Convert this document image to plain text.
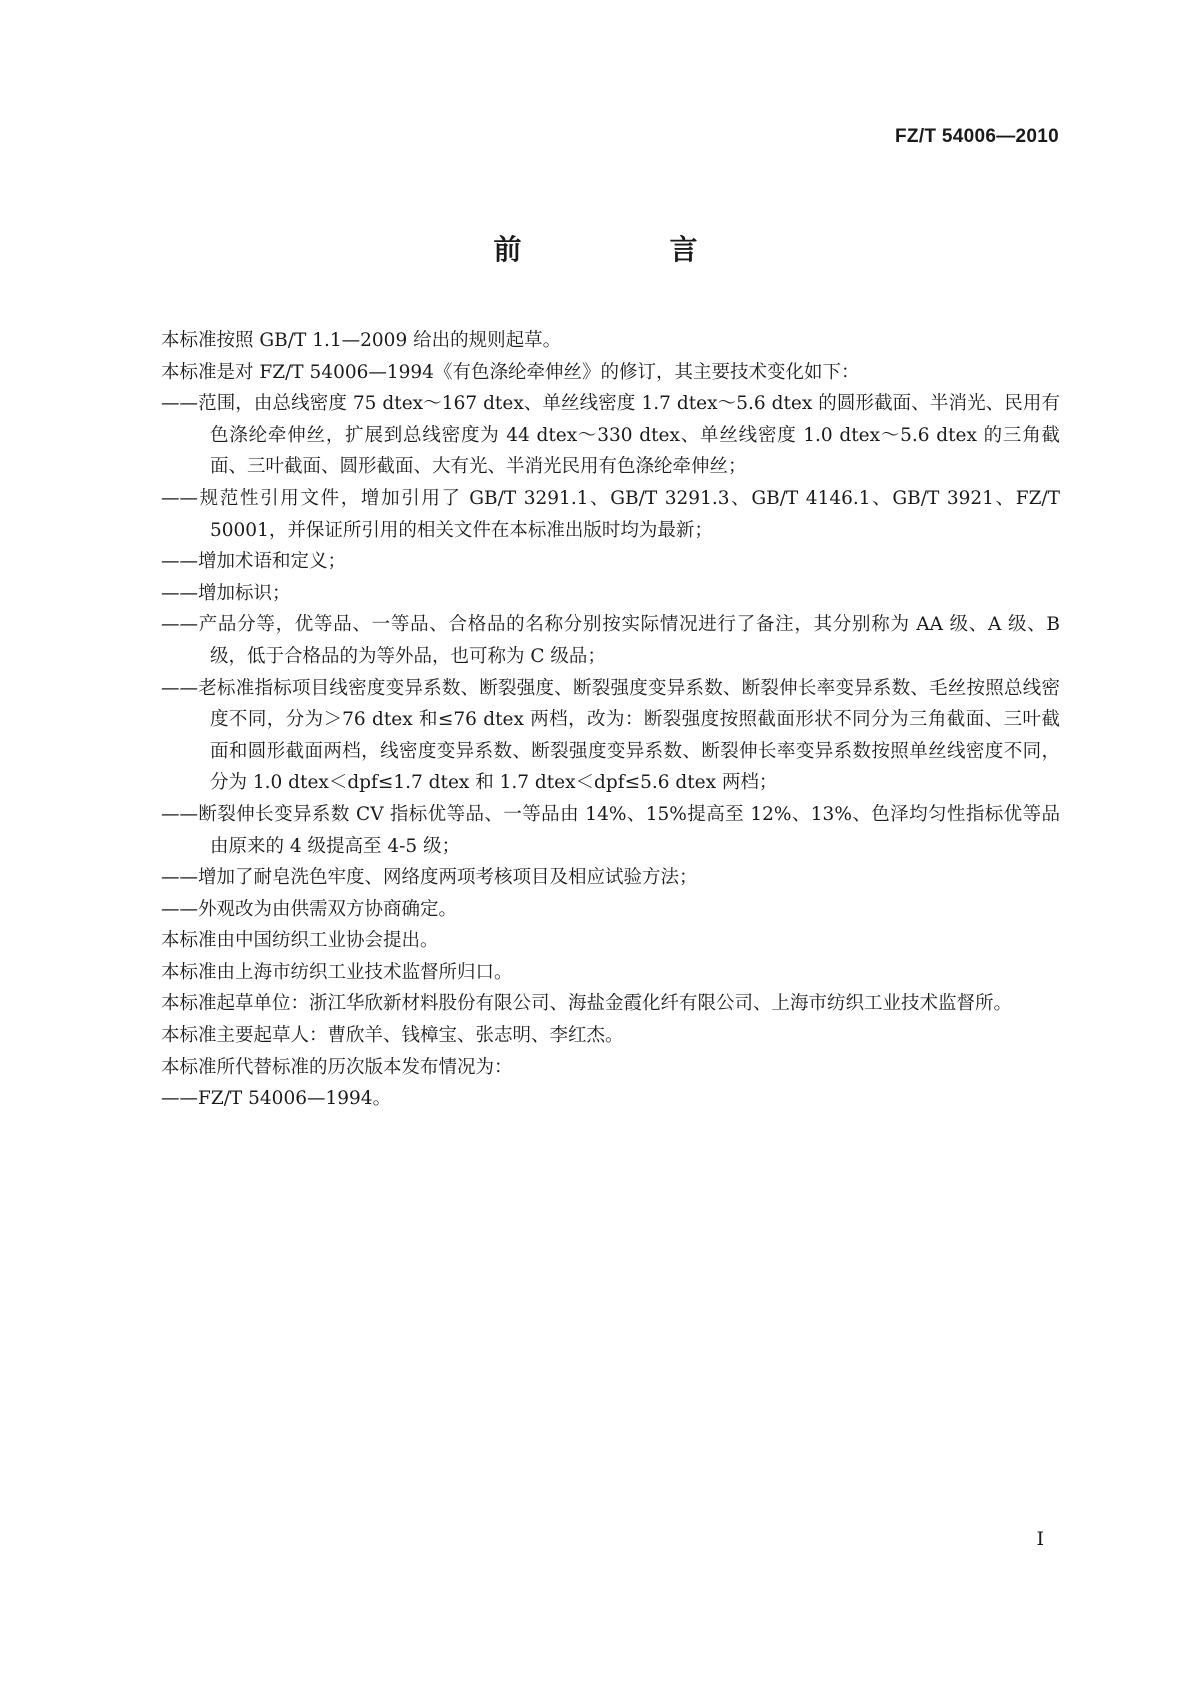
FZ/T 54006—2010
前　言

本标准按照 GB/T 1.1—2009 给出的规则起草。

本标准是对 FZ/T 54006—1994《有色涤纶牵伸丝》的修订，其主要技术变化如下：

——范围，由总线密度 75 dtex～167 dtex、单丝线密度 1.7 dtex～5.6 dtex 的圆形截面、半消光、民用有色涤纶牵伸丝，扩展到总线密度为 44 dtex～330 dtex、单丝线密度 1.0 dtex～5.6 dtex 的三角截面、三叶截面、圆形截面、大有光、半消光民用有色涤纶牵伸丝；

——规范性引用文件，增加引用了 GB/T 3291.1、GB/T 3291.3、GB/T 4146.1、GB/T 3921、FZ/T 50001，并保证所引用的相关文件在本标准出版时均为最新；

——增加术语和定义；

——增加标识；

——产品分等，优等品、一等品、合格品的名称分别按实际情况进行了备注，其分别称为 AA 级、A 级、B 级，低于合格品的为等外品，也可称为 C 级品；

——老标准指标项目线密度变异系数、断裂强度、断裂强度变异系数、断裂伸长率变异系数、毛丝按照总线密度不同，分为＞76 dtex 和≤76 dtex 两档，改为：断裂强度按照截面形状不同分为三角截面、三叶截面和圆形截面两档，线密度变异系数、断裂强度变异系数、断裂伸长率变异系数按照单丝线密度不同，分为 1.0 dtex＜dpf≤1.7 dtex 和 1.7 dtex＜dpf≤5.6 dtex 两档；

——断裂伸长变异系数 CV 指标优等品、一等品由 14%、15%提高至 12%、13%、色泽均匀性指标优等品由原来的 4 级提高至 4-5 级；

——增加了耐皂洗色牢度、网络度两项考核项目及相应试验方法；

——外观改为由供需双方协商确定。

本标准由中国纺织工业协会提出。

本标准由上海市纺织工业技术监督所归口。

本标准起草单位：浙江华欣新材料股份有限公司、海盐金霞化纤有限公司、上海市纺织工业技术监督所。

本标准主要起草人：曹欣羊、钱樟宝、张志明、李红杰。

本标准所代替标准的历次版本发布情况为：

——FZ/T 54006—1994。

I
